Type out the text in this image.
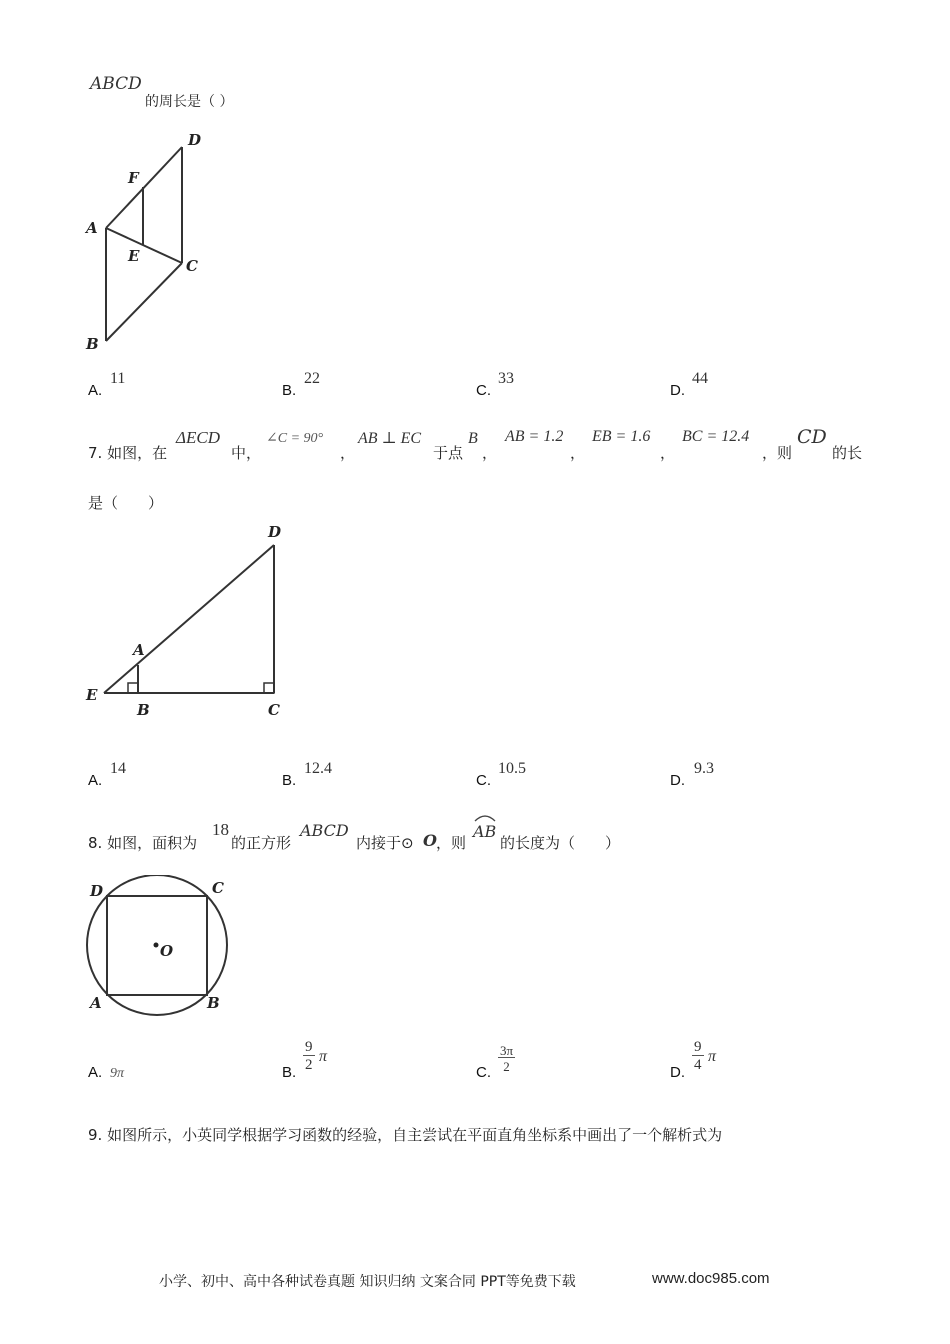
ABCD
的周长是（ ）
D
F
A
E
C
B
A.
11
B.
22
C.
33
D.
44
7. 如图，在
ΔECD
中，
∠C = 90°
，
AB ⊥ EC
于点
B
，
AB = 1.2
，
EB = 1.6
，
BC = 12.4
，则
CD
的长
是（　　）
D
A
E
B	C
A.
14
B.
12.4
C.
10.5
D.
9.3
8. 如图，面积为
18
的正方形
ABCD
内接于⊙ O ，则
AB
的长度为（　　）
D	C
O
A	B
A. 9π	B. $\frac{9}{2}$ π
C. $\frac{3\pi}{2}$	D. $\frac{9}{4}$ π
9. 如图所示，小英同学根据学习函数的经验，自主尝试在平面直角坐标系中画出了一个解析式为
小学、初中、高中各种试卷真题 知识归纳 文案合同 PPT等免费下载	www.doc985.com
